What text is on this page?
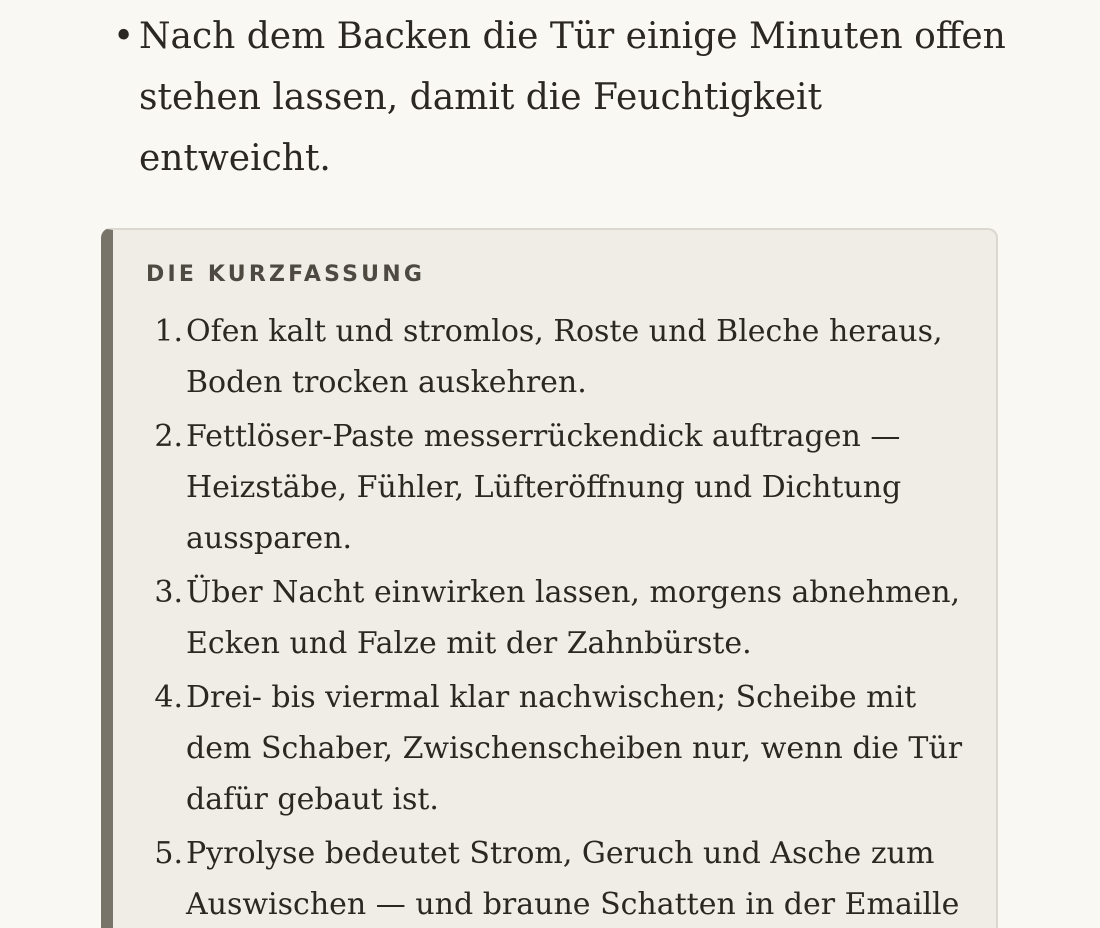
• Nach dem Backen die Tür einige Minuten offen stehen lassen, damit die Feuchtigkeit entweicht.
DIE KURZFASSUNG
1. Ofen kalt und stromlos, Roste und Bleche heraus, Boden trocken auskehren.
2. Fettlöser-Paste messerrückendick auftragen — Heizstäbe, Fühler, Lüfteröffnung und Dichtung aussparen.
3. Über Nacht einwirken lassen, morgens abnehmen, Ecken und Falze mit der Zahnbürste.
4. Drei- bis viermal klar nachwischen; Scheibe mit dem Schaber, Zwischenscheiben nur, wenn die Tür dafür gebaut ist.
5. Pyrolyse bedeutet Strom, Geruch und Asche zum Auswischen — und braune Schatten in der Emaille
